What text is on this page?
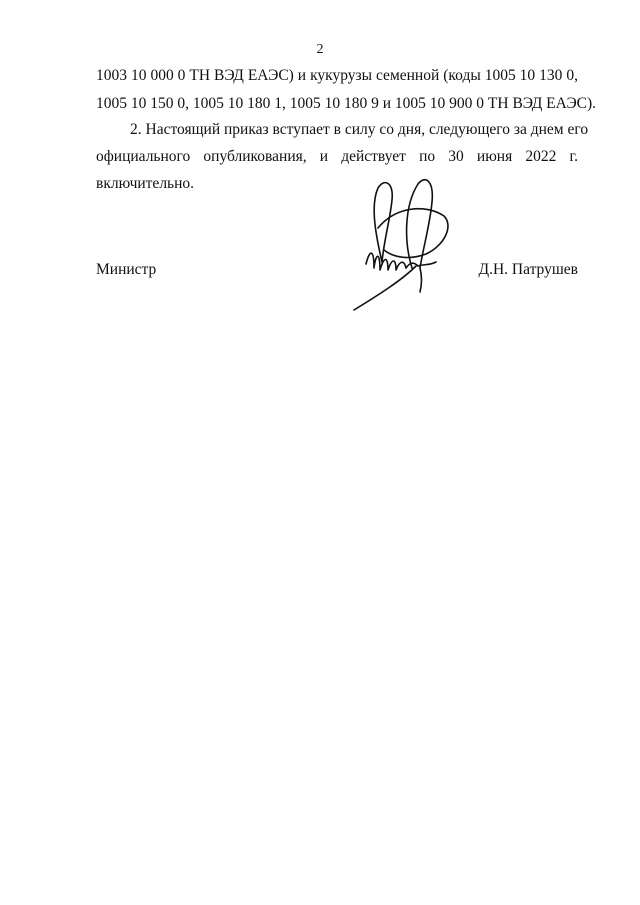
2
1003 10 000 0 ТН ВЭД ЕАЭС) и кукурузы семенной (коды 1005 10 130 0,
1005 10 150 0, 1005 10 180 1, 1005 10 180 9 и 1005 10 900 0 ТН ВЭД ЕАЭС).
2. Настоящий приказ вступает в силу со дня, следующего за днем его
официального опубликования, и действует по 30 июня 2022 г.
включительно.
Министр	Д.Н. Патрушев
